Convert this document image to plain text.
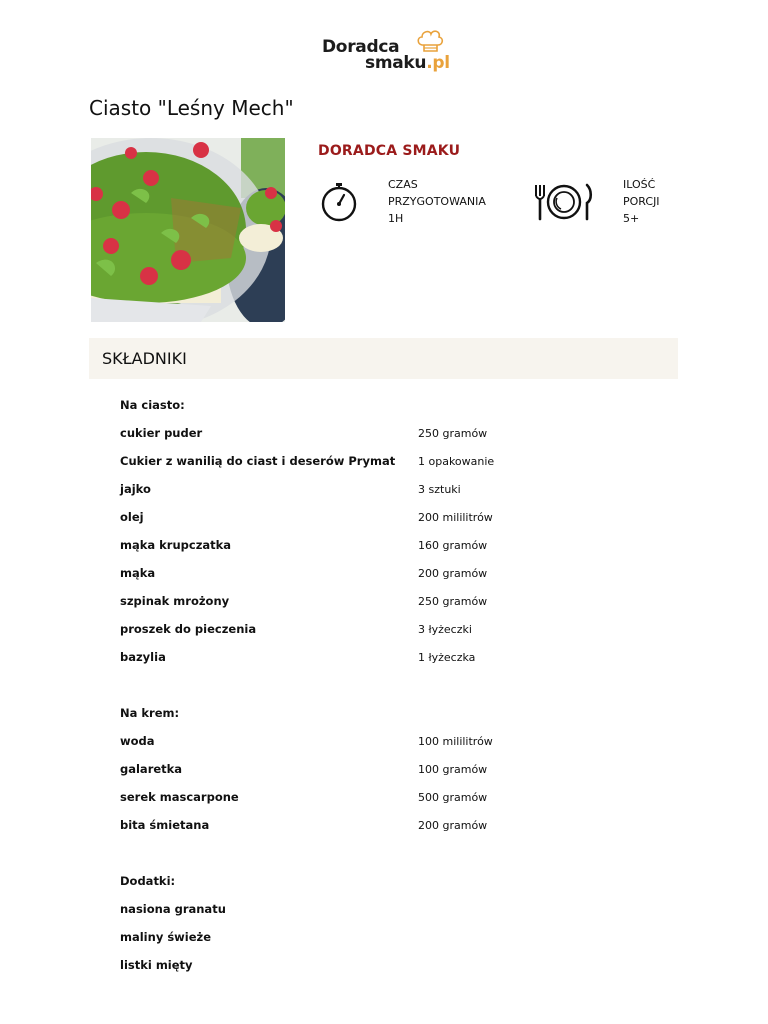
Doradca
smaku.pl
Ciasto "Leśny Mech"
DORADCA SMAKU
CZAS
PRZYGOTOWANIA
1H
ILOŚĆ
PORCJI
5+
SKŁADNIKI
Na ciasto:
cukier puder	250 gramów
Cukier z wanilią do ciast i deserów Prymat 1 opakowanie
jajko	3 sztuki
olej	200 mililitrów
mąka krupczatka	160 gramów
mąka	200 gramów
szpinak mrożony	250 gramów
proszek do pieczenia	3 łyżeczki
bazylia	1 łyżeczka
Na krem:
woda	100 mililitrów
galaretka	100 gramów
serek mascarpone	500 gramów
bita śmietana	200 gramów
Dodatki:
nasiona granatu
maliny świeże
listki mięty
